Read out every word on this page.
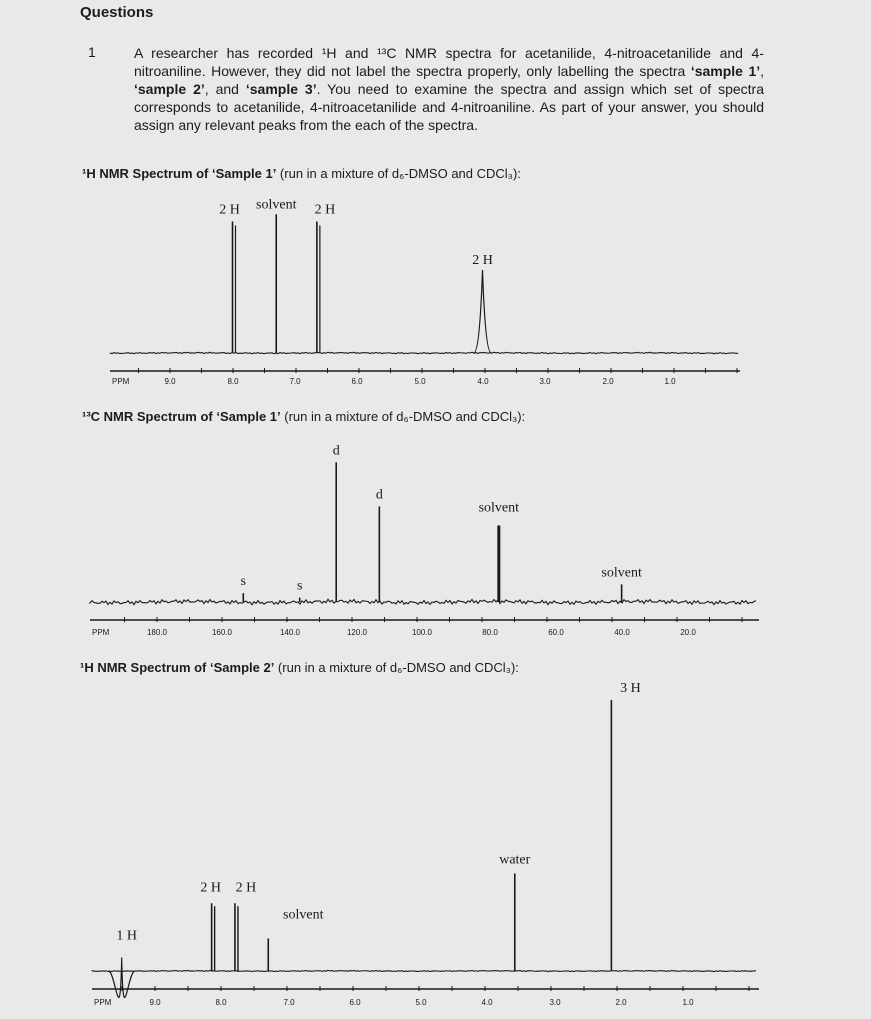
Questions
1	A researcher has recorded ¹H and ¹³C NMR spectra for acetanilide, 4-nitroacetanilide and 4-nitroaniline. However, they did not label the spectra properly, only labelling the spectra ‘sample 1’, ‘sample 2’, and ‘sample 3’. You need to examine the spectra and assign which set of spectra corresponds to acetanilide, 4-nitroacetanilide and 4-nitroaniline. As part of your answer, you should assign any relevant peaks from the each of the spectra.

¹H NMR Spectrum of ‘Sample 1’ (run in a mixture of d₆-DMSO and CDCl₃):
2 H solvent 2 H
2 H
PPM	9.0	8.0	7.0	6.0	5.0	4.0	3.0	2.0	1.0
¹³C NMR Spectrum of ‘Sample 1’ (run in a mixture of d₆-DMSO and CDCl₃):
s	s
d
d
solvent
solvent
PPM	180.0	160.0	140.0	120.0	100.0	80.0	60.0	40.0	20.0
¹H NMR Spectrum of ‘Sample 2’ (run in a mixture of d₆-DMSO and CDCl₃):
1 H
2 H 2 H
solvent
water
3 H
PPM	9.0	8.0	7.0	6.0	5.0	4.0	3.0	2.0	1.0
